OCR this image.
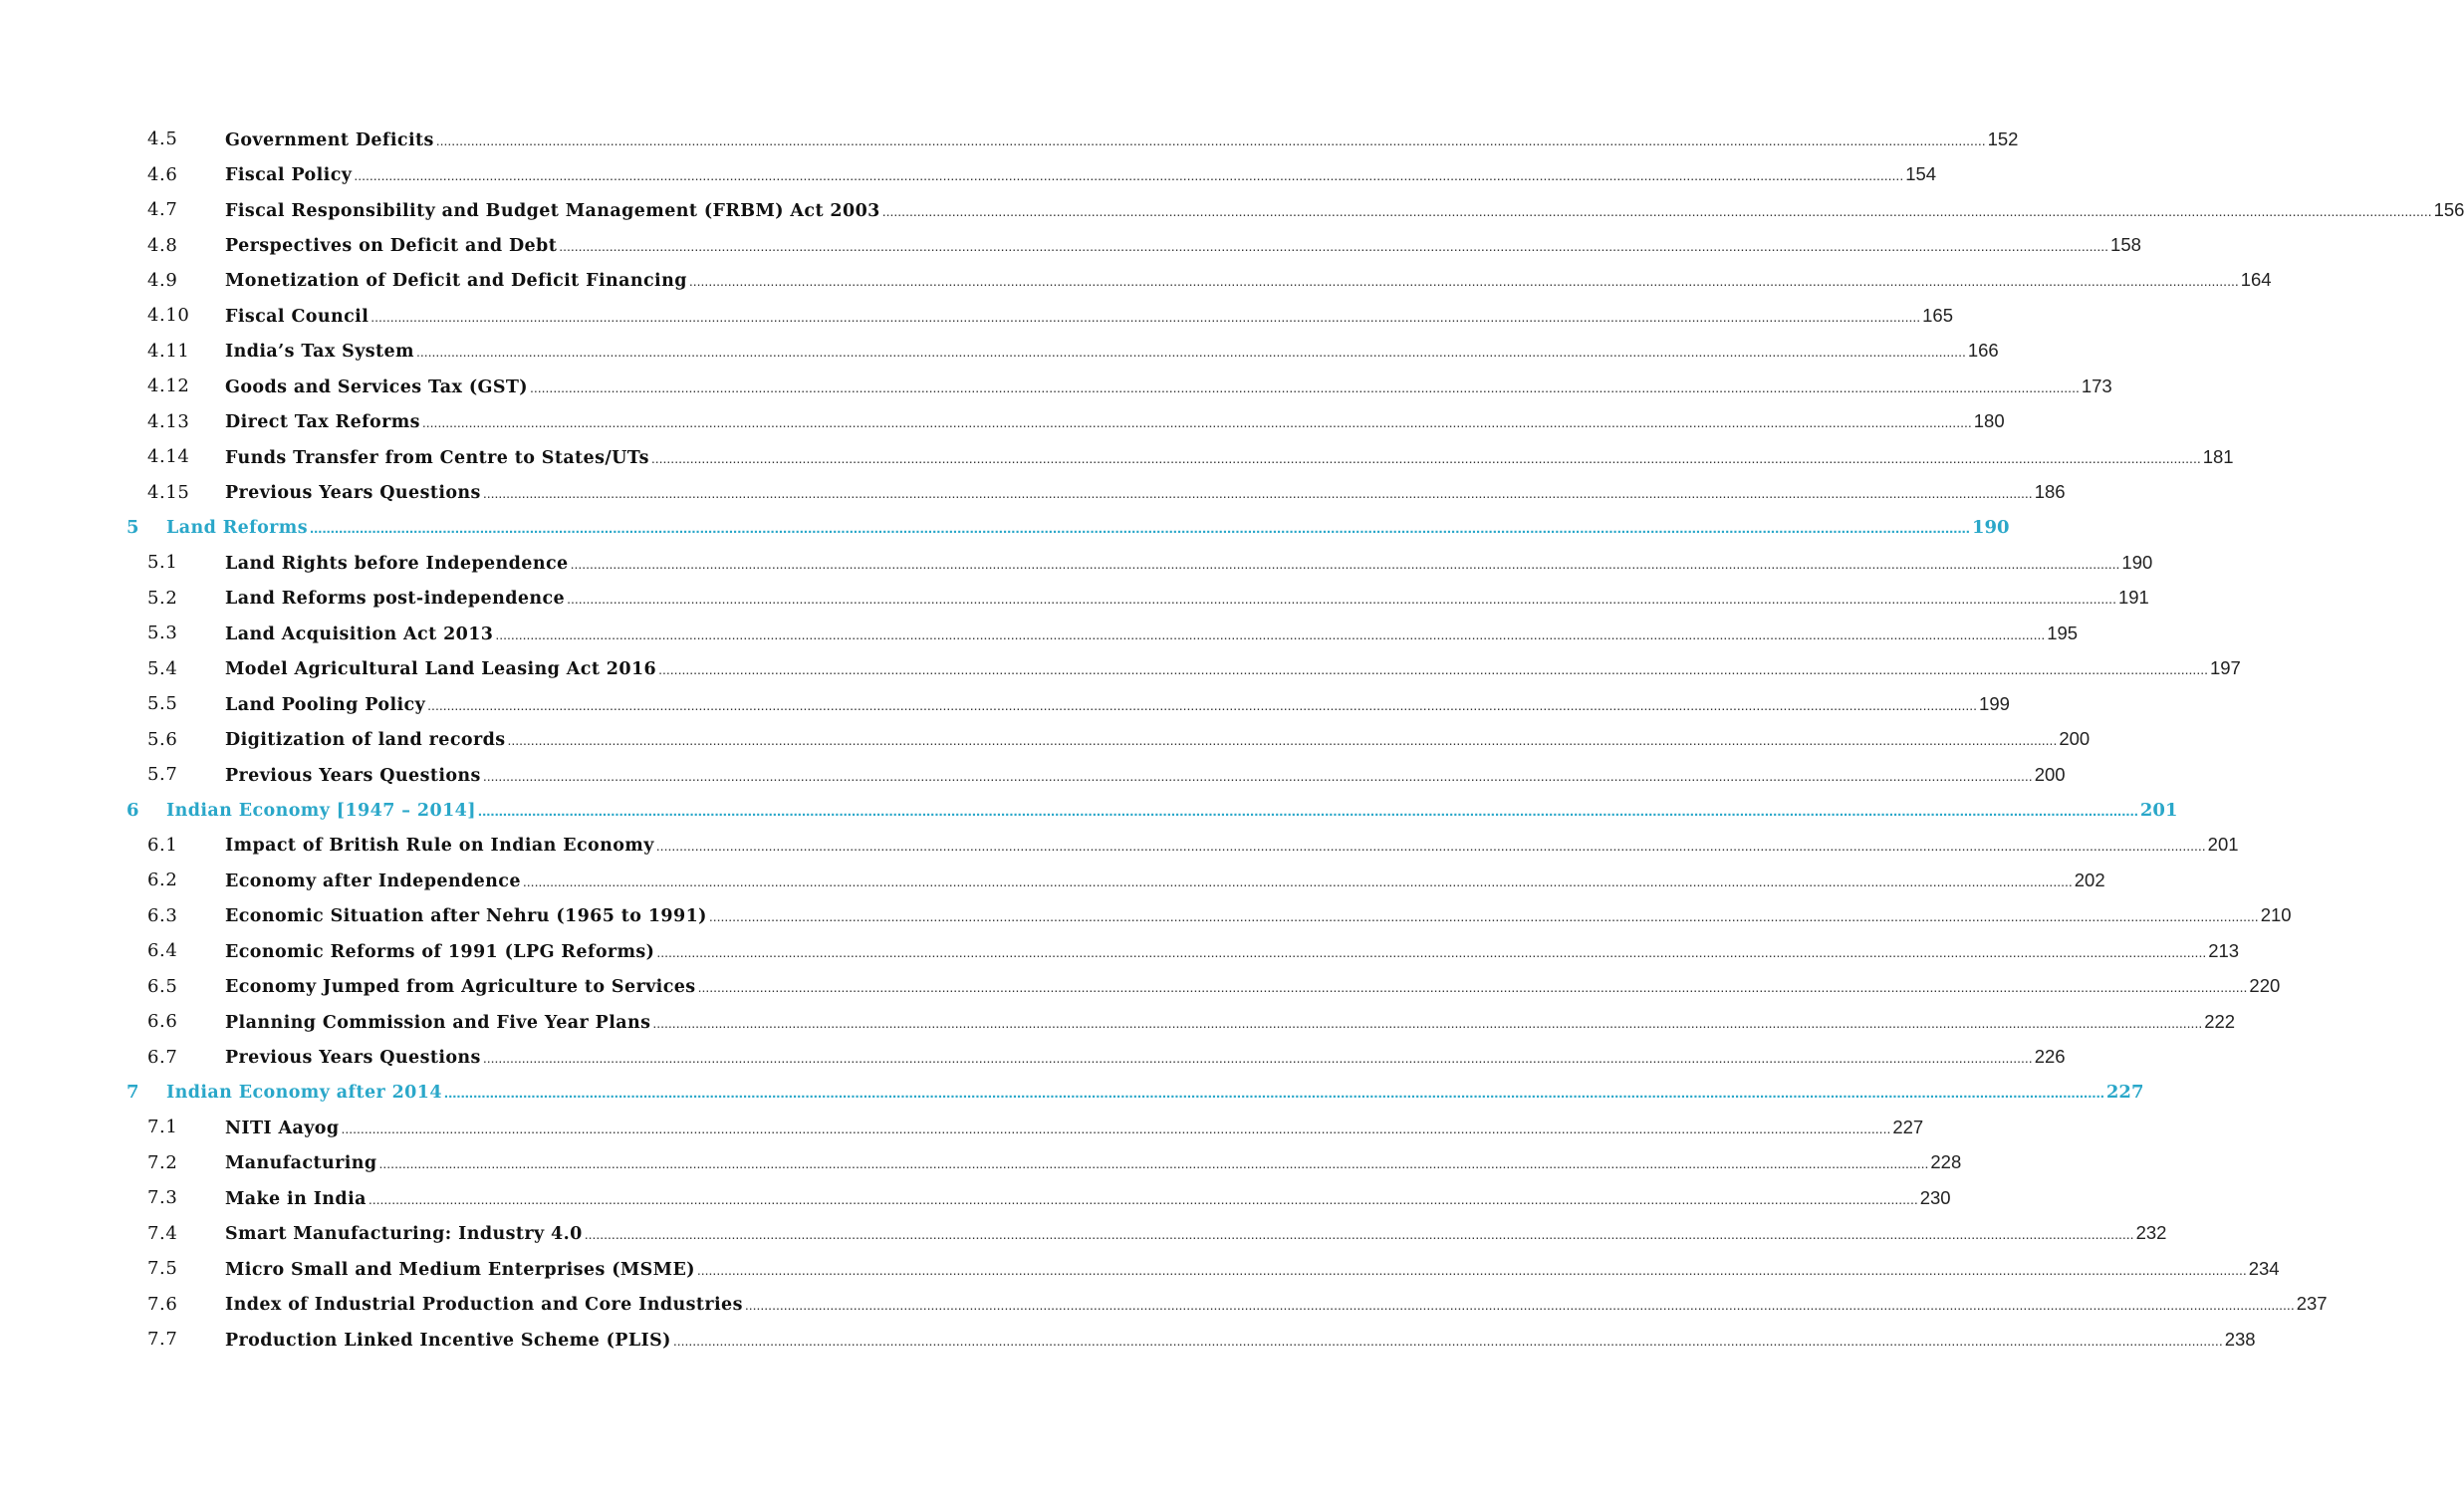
4.5	Government Deficits ................................................................................................................................................................................................................................................................................................................................................................................................................ 152
4.6	Fiscal Policy ................................................................................................................................................................................................................................................................................................................................................................................................................ 154
4.7	Fiscal Responsibility and Budget Management (FRBM) Act 2003 ................................................................................................................................................................................................................................................................................................................................................................................................................ 156
4.8	Perspectives on Deficit and Debt ................................................................................................................................................................................................................................................................................................................................................................................................................ 158
4.9	Monetization of Deficit and Deficit Financing ................................................................................................................................................................................................................................................................................................................................................................................................................ 164
4.10 Fiscal Council ................................................................................................................................................................................................................................................................................................................................................................................................................ 165
4.11 India’s Tax System ................................................................................................................................................................................................................................................................................................................................................................................................................ 166
4.12 Goods and Services Tax (GST) ................................................................................................................................................................................................................................................................................................................................................................................................................ 173
4.13 Direct Tax Reforms ................................................................................................................................................................................................................................................................................................................................................................................................................ 180
4.14 Funds Transfer from Centre to States/UTs ................................................................................................................................................................................................................................................................................................................................................................................................................ 181
4.15 Previous Years Questions ................................................................................................................................................................................................................................................................................................................................................................................................................ 186
5 Land Reforms ................................................................................................................................................................................................................................................................................................................................................................................................................ 190
5.1	Land Rights before Independence ................................................................................................................................................................................................................................................................................................................................................................................................................ 190
5.2	Land Reforms post-independence ................................................................................................................................................................................................................................................................................................................................................................................................................ 191
5.3	Land Acquisition Act 2013 ................................................................................................................................................................................................................................................................................................................................................................................................................ 195
5.4	Model Agricultural Land Leasing Act 2016 ................................................................................................................................................................................................................................................................................................................................................................................................................ 197
5.5	Land Pooling Policy ................................................................................................................................................................................................................................................................................................................................................................................................................ 199
5.6	Digitization of land records ................................................................................................................................................................................................................................................................................................................................................................................................................ 200
5.7	Previous Years Questions ................................................................................................................................................................................................................................................................................................................................................................................................................ 200
6 Indian Economy [1947 – 2014] ................................................................................................................................................................................................................................................................................................................................................................................................................ 201
6.1	Impact of British Rule on Indian Economy ................................................................................................................................................................................................................................................................................................................................................................................................................ 201
6.2	Economy after Independence ................................................................................................................................................................................................................................................................................................................................................................................................................ 202
6.3	Economic Situation after Nehru (1965 to 1991) ................................................................................................................................................................................................................................................................................................................................................................................................................ 210
6.4	Economic Reforms of 1991 (LPG Reforms) ................................................................................................................................................................................................................................................................................................................................................................................................................ 213
6.5	Economy Jumped from Agriculture to Services ................................................................................................................................................................................................................................................................................................................................................................................................................ 220
6.6	Planning Commission and Five Year Plans ................................................................................................................................................................................................................................................................................................................................................................................................................ 222
6.7	Previous Years Questions ................................................................................................................................................................................................................................................................................................................................................................................................................ 226
7 Indian Economy after 2014 ................................................................................................................................................................................................................................................................................................................................................................................................................ 227
7.1	NITI Aayog ................................................................................................................................................................................................................................................................................................................................................................................................................ 227
7.2	Manufacturing ................................................................................................................................................................................................................................................................................................................................................................................................................ 228
7.3	Make in India ................................................................................................................................................................................................................................................................................................................................................................................................................ 230
7.4	Smart Manufacturing: Industry 4.0 ................................................................................................................................................................................................................................................................................................................................................................................................................ 232
7.5	Micro Small and Medium Enterprises (MSME) ................................................................................................................................................................................................................................................................................................................................................................................................................ 234
7.6	Index of Industrial Production and Core Industries ................................................................................................................................................................................................................................................................................................................................................................................................................ 237
7.7	Production Linked Incentive Scheme (PLIS) ................................................................................................................................................................................................................................................................................................................................................................................................................ 238
